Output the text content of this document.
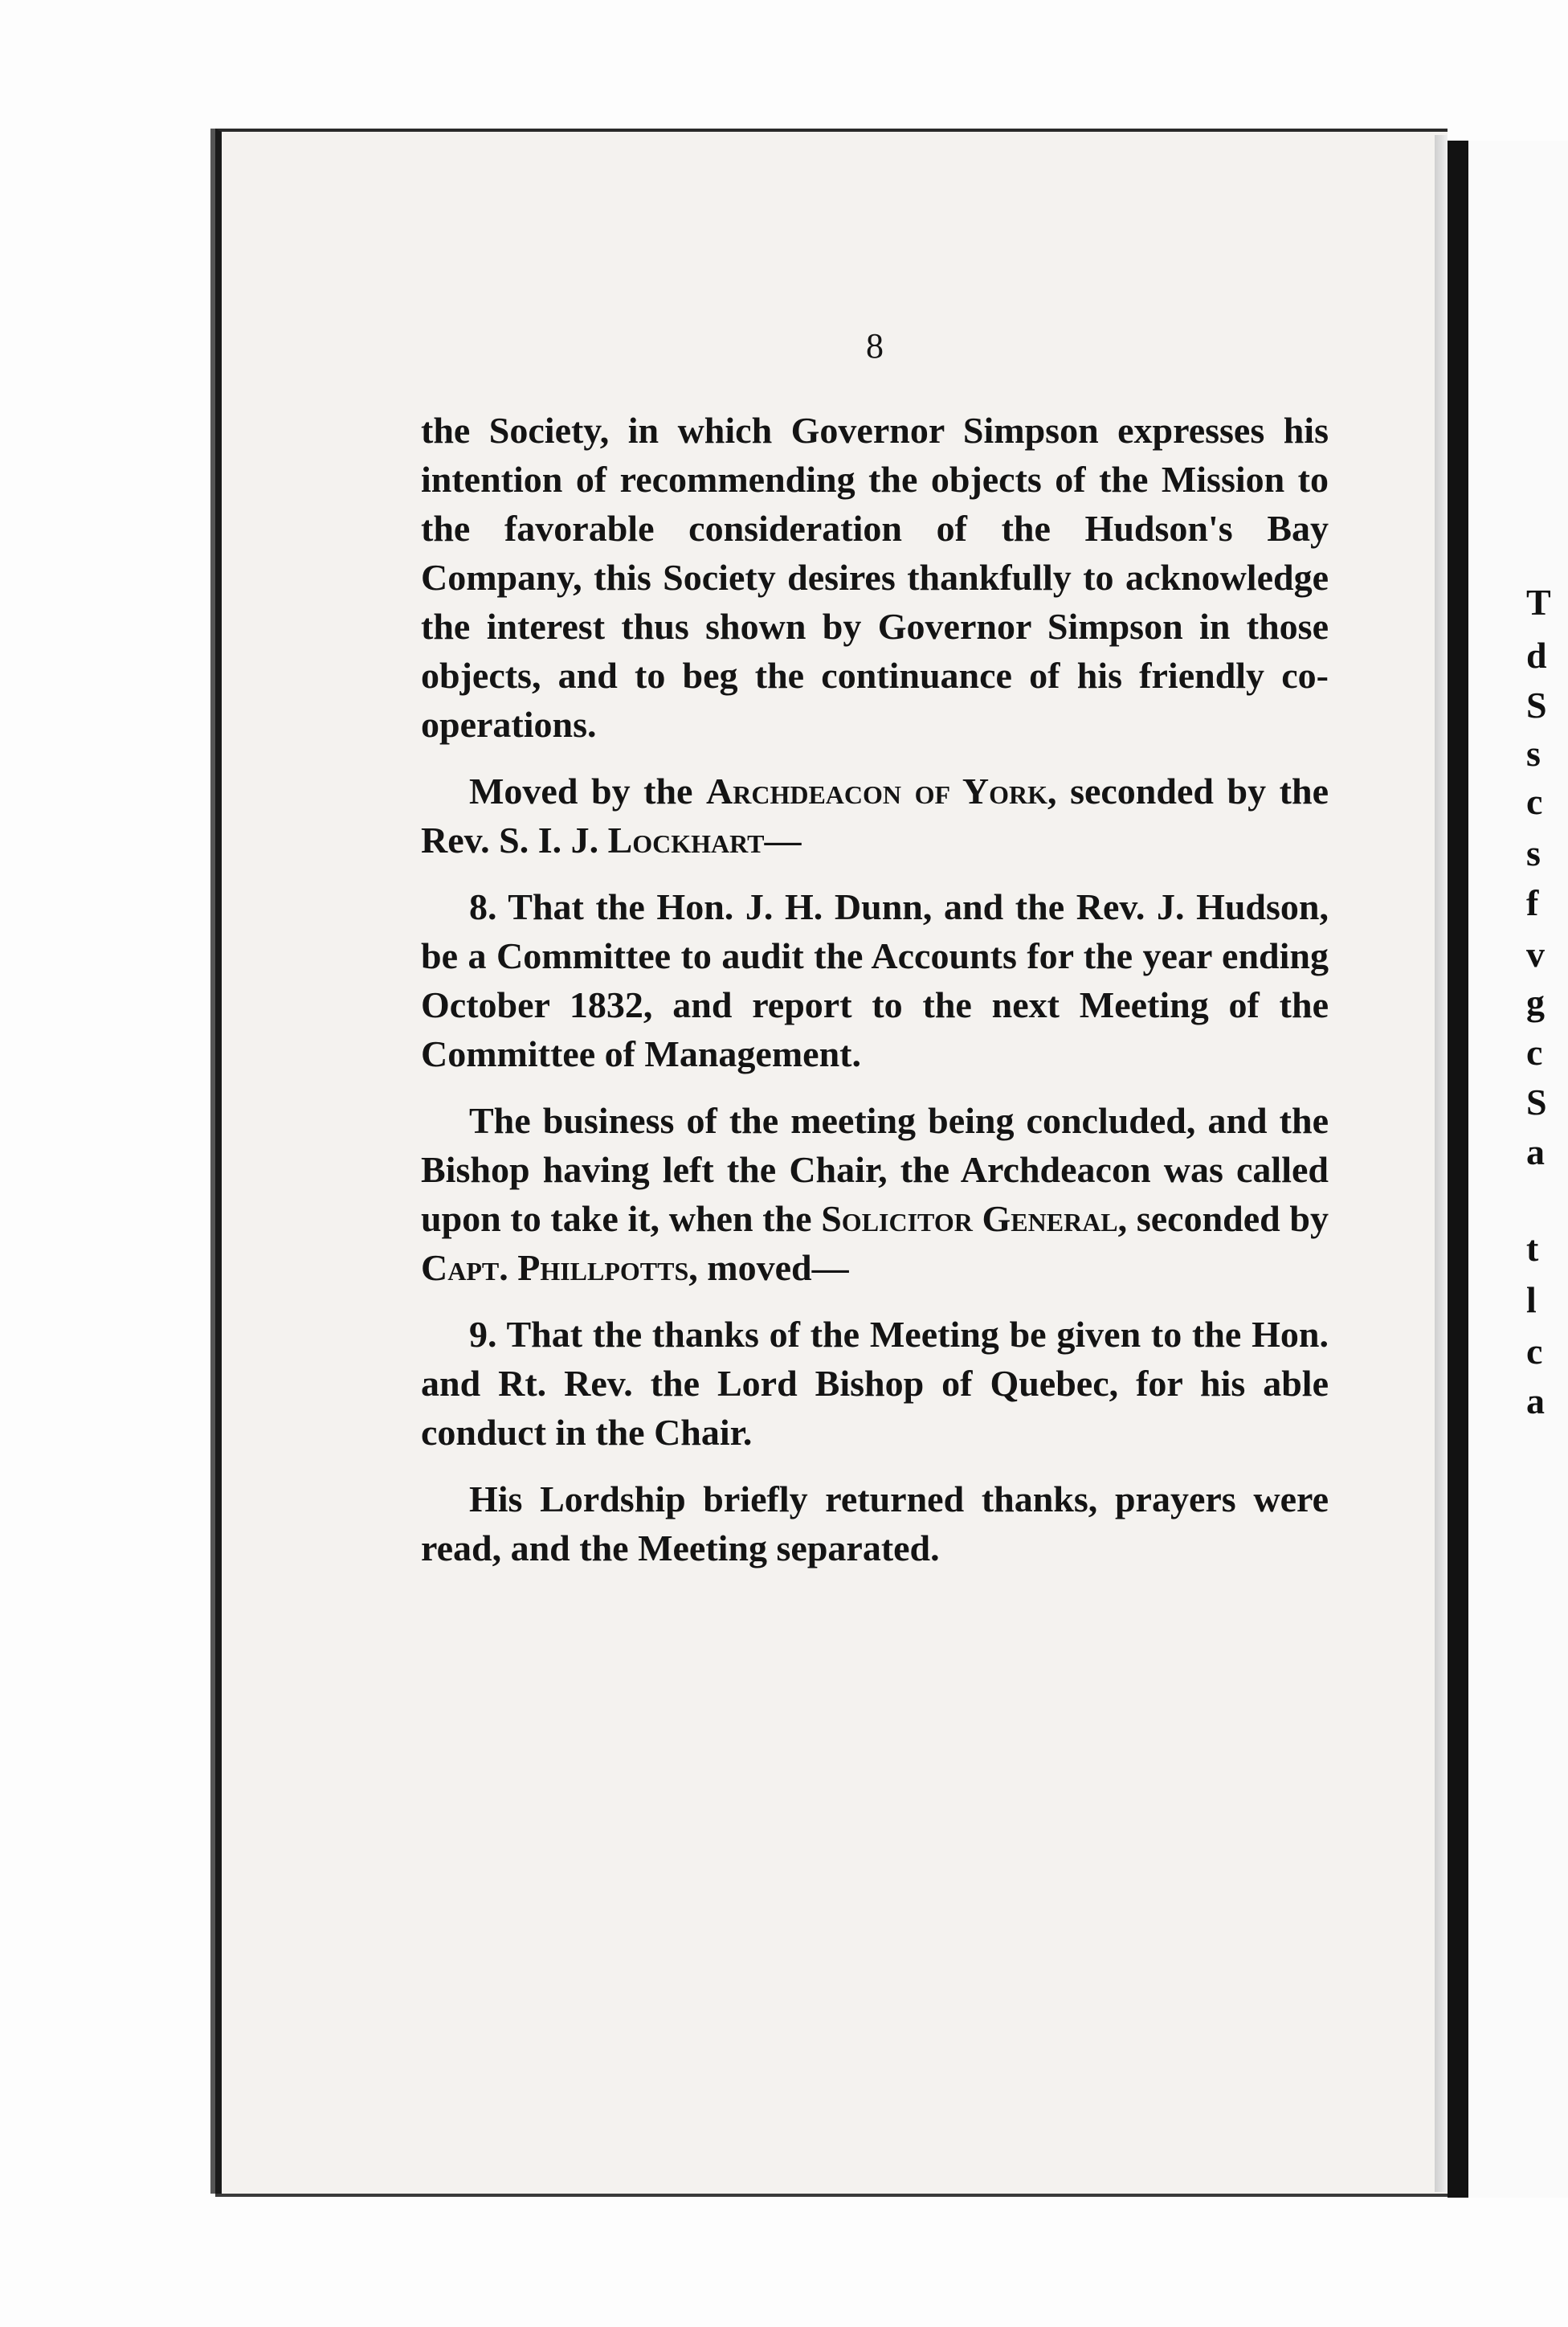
T
d
S
s
c
s
f
v
g
c
S
a
t
l
c
a
8

the Society, in which Governor Simpson expresses his intention of recommending the objects of the Mission to the favorable consideration of the Hudson's Bay Company, this Society desires thankfully to acknowledge the interest thus shown by Governor Simpson in those objects, and to beg the continuance of his friendly co-operations.

Moved by the Archdeacon of York, seconded by the Rev. S. I. J. Lockhart—

8. That the Hon. J. H. Dunn, and the Rev. J. Hudson, be a Committee to audit the Accounts for the year ending October 1832, and report to the next Meeting of the Committee of Management.

The business of the meeting being concluded, and the Bishop having left the Chair, the Archdeacon was called upon to take it, when the Solicitor General, seconded by Capt. Phillpotts, moved—

9. That the thanks of the Meeting be given to the Hon. and Rt. Rev. the Lord Bishop of Quebec, for his able conduct in the Chair.

His Lordship briefly returned thanks, prayers were read, and the Meeting separated.
